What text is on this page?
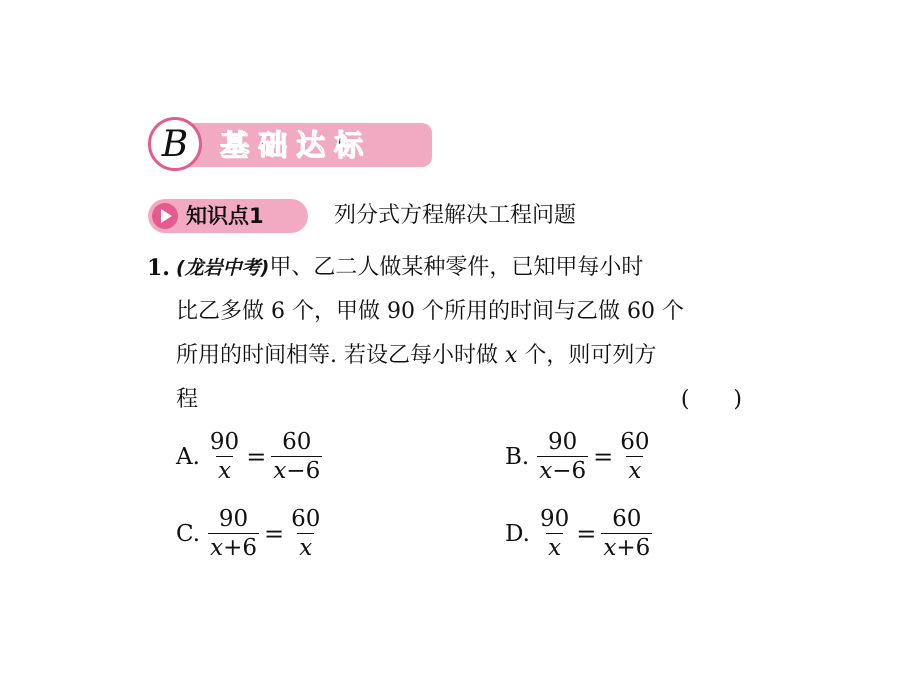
B	基础达标
知识点1	列分式方程解决工程问题
1. (龙岩中考)甲、乙二人做某种零件，已知甲每小时
比乙多做 6 个，甲做 90 个所用的时间与乙做 60 个
所用的时间相等. 若设乙每小时做 x 个，则可列方
程	(　　)
A. $\frac{90}{x} = \frac{60}{x-6}$	B. $\frac{90}{x-6} = \frac{60}{x}$
C. $\frac{90}{x+6} = \frac{60}{x}$	D. $\frac{90}{x} = \frac{60}{x+6}$
